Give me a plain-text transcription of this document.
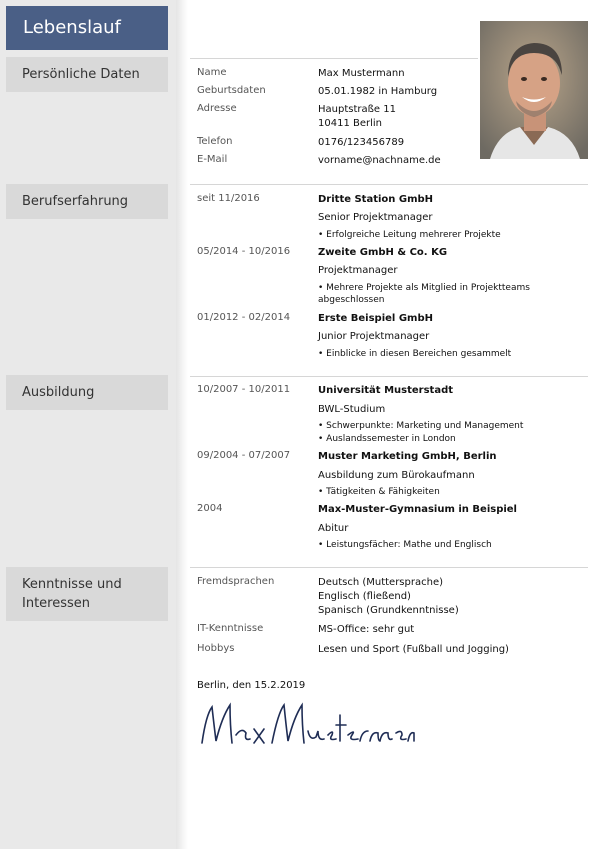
Lebenslauf
Persönliche Daten
Berufserfahrung
Ausbildung
Kenntnisse und Interessen
Name	Max Mustermann
Geburtsdaten	05.01.1982 in Hamburg
Adresse	Hauptstraße 11
10411 Berlin
Telefon	0176/123456789
E-Mail	vorname@nachname.de
seit 11/2016	Dritte Station GmbH
Senior Projektmanager
• Erfolgreiche Leitung mehrerer Projekte
05/2014 - 10/2016	Zweite GmbH & Co. KG
Projektmanager
• Mehrere Projekte als Mitglied in Projektteams
abgeschlossen
01/2012 - 02/2014	Erste Beispiel GmbH
Junior Projektmanager
• Einblicke in diesen Bereichen gesammelt
10/2007 - 10/2011	Universität Musterstadt
BWL-Studium
• Schwerpunkte: Marketing und Management
• Auslandssemester in London
09/2004 - 07/2007	Muster Marketing GmbH, Berlin
Ausbildung zum Bürokaufmann
• Tätigkeiten & Fähigkeiten
2004	Max-Muster-Gymnasium in Beispiel
Abitur
• Leistungsfächer: Mathe und Englisch
Fremdsprachen	Deutsch (Muttersprache)
Englisch (fließend)
Spanisch (Grundkenntnisse)
IT-Kenntnisse	MS-Office: sehr gut
Hobbys	Lesen und Sport (Fußball und Jogging)
Berlin, den 15.2.2019
